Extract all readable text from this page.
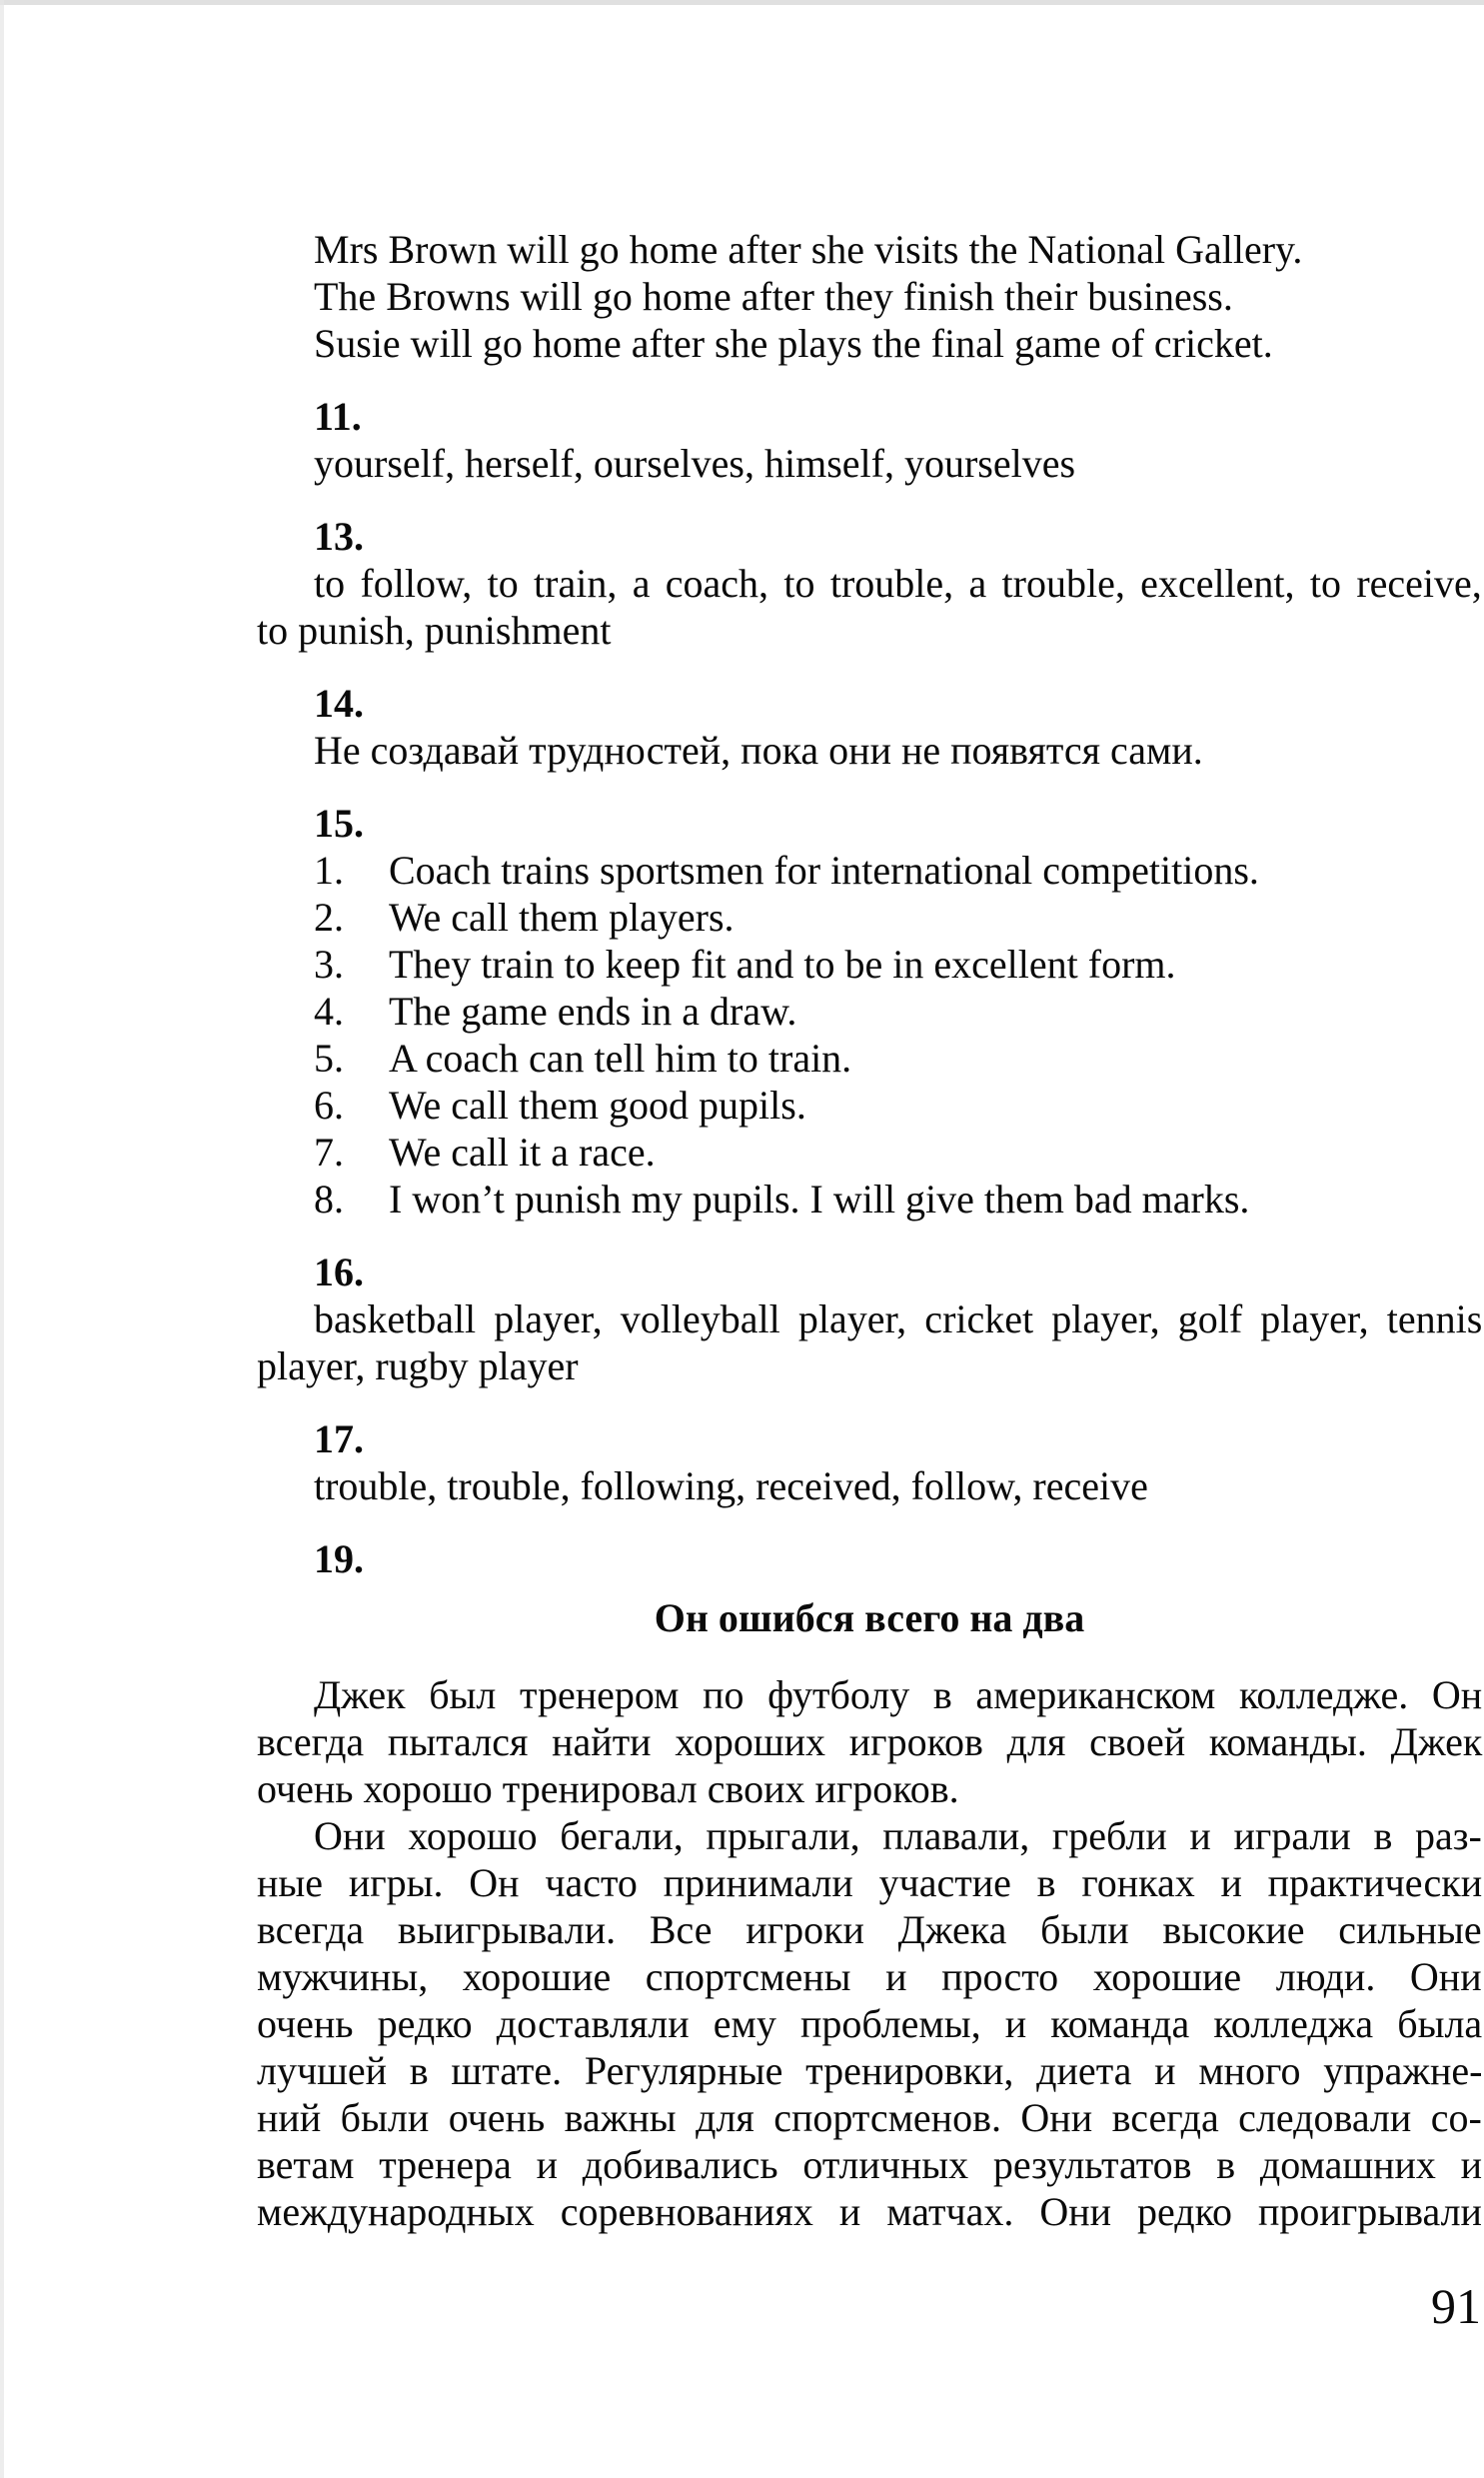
Mrs Brown will go home after she visits the National Gallery.
The Browns will go home after they finish their business.
Susie will go home after she plays the final game of cricket.
11.
yourself, herself, ourselves, himself, yourselves
13.
to follow, to train, a coach, to trouble, a trouble, excellent, to receive,
to punish, punishment
14.
Не создавай трудностей, пока они не появятся сами.
15.
1. Coach trains sportsmen for international competitions.
2. We call them players.
3. They train to keep fit and to be in excellent form.
4. The game ends in a draw.
5. A coach can tell him to train.
6. We call them good pupils.
7. We call it a race.
8. I won’t punish my pupils. I will give them bad marks.
16.
basketball player, volleyball player, cricket player, golf player, tennis
player, rugby player
17.
trouble, trouble, following, received, follow, receive
19.
Он ошибся всего на два
Джек был тренером по футболу в американском колледже. Он
всегда пытался найти хороших игроков для своей команды. Джек
очень хорошо тренировал своих игроков.
Они хорошо бегали, прыгали, плавали, гребли и играли в раз-
ные игры. Он часто принимали участие в гонках и практически
всегда выигрывали. Все игроки Джека были высокие сильные
мужчины, хорошие спортсмены и просто хорошие люди. Они
очень редко доставляли ему проблемы, и команда колледжа была
лучшей в штате. Регулярные тренировки, диета и много упражне-
ний были очень важны для спортсменов. Они всегда следовали со-
ветам тренера и добивались отличных результатов в домашних и
международных соревнованиях и матчах. Они редко проигрывали
91
